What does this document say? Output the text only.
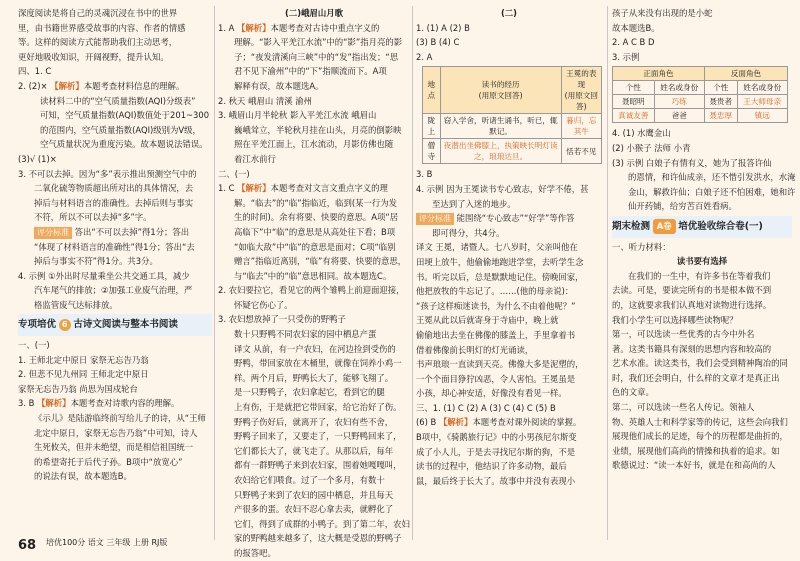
深度阅读是将自己的灵魂沉浸在书中的世界

里，由书籍世界感受故事的内容、作者的情感

等。这样的阅读方式能帮助我们主动思考，

更好地吸收知识，开阔视野，提升认知。

四、1. C

2. (2)× 【解析】本题考查材料信息的理解。

读材料二中的“空气质量指数(AQI)分级表”

可知，空气质量指数(AQI)数值处于201~300

的范围内，空气质量指数(AQI)级别为Ⅴ级，

空气质量状况为重度污染。故本题说法错误。

(3)√ (1)×

3. 不可以去掉。因为“多”表示推出预测空气中的

二氧化硫等物质超出所对出的具体情况，去

掉后与材料语言的准确性。去掉后则与事实

不符，所以不可以去掉“多”字。

评分标准 答出“不可以去掉”得1分；答出

“体现了材料语言的准确性”得1分；答出“去

掉后与事实不符”得1分。共3分。

4. 示例 ①外出时尽量乘坐公共交通工具，减少

汽车尾气的排放；②加强工业废气治理，严

格监管废气达标排放。

专项培优 6 古诗文阅读与整本书阅读

一、(一)

1. 王师北定中原日 家祭无忘告乃翁

2. 但悲不见九州同 王师北定中原日

家祭无忘告乃翁 尚思为国戍轮台

3. B 【解析】本题考查对诗歌内容的理解。

《示儿》是陆游临终前写给儿子的诗，从“王师

北定中原日，家祭无忘告乃翁”中可知，诗人

生死攸关，但并未绝望，而是相信祖国统一

的希望寄托于后代子孙。B项中“放宽心”

的说法有误，故本题选B。

(二)峨眉山月歌

1. A 【解析】本题考查对古诗中重点字义的

理解。“影入平羌江水流”中的“影”指月亮的影

子；“夜发清溪向三峡”中的“发”指出发；“思

君不见下渝州”中的“下”指顺流而下。A项

解释有误，故本题选A。

2. 秋天 峨眉山 清溪 渝州

3. 峨眉山月半轮秋 影入平羌江水流 峨眉山

巍峨耸立，半轮秋月挂在山头，月亮的倒影映

照在平羌江面上，江水流动，月影仿佛也随

着江水前行

二、(一)

1. C 【解析】本题考查对文言文重点字义的理

解。“临去”的“临”指临近，临到(某一行为发

生的时间)。余有将要、快要的意思。A项“居

高临下”中“临”的意思是从高处往下看；B项

“如临大敌”中“临”的意思是面对；C项“临别

赠言”指临近离别，“临”有将要、快要的意思，

与“临去”中的“临”意思相同。故本题选C。

2. 农妇要拉它，看见它的两个雏鸭上前迎面迎接，

怀疑它伤心了。

3. 农妇想放掉了一只受伤的野鸭子

数十只野鸭不同农妇家的园中栖息产蛋

译文 从前，有一户农妇，在河边捡到受伤的

野鸭，带回家放在木桶里，就像在饲养小鸡一

样。两个月后，野鸭长大了，能够飞翔了。

是一只野鸭子，农妇拿起它，看到它的腿

上有伤，于是就把它带回家，给它治好了伤。

野鸭子伤好后，就离开了，农妇有些不舍，

野鸭子回来了，又要走了，一只野鸭回来了，

它们都长大了，就飞走了。从那以后，每年

都有一群野鸭子来到农妇家，围着她嘎嘎叫，

农妇给它们喂食。过了一个多月，有数十

只野鸭子来到了农妇的园中栖息，并且每天

产很多的蛋。农妇不忍心拿去卖，就孵化了

它们，得到了成群的小鸭子。到了第二年，农妇

家的野鸭越来越多了，这大概是受恩的野鸭子

的报答吧。

(二)

1. (1) A (2) B

(3) B (4) C

2. A

地点	读书的经历
(用原文回答)	王冕的表现
(用原文回答)
陇上	窃入学舍，听诸生诵书，听已，辄默记。	暮归，忘其牛
僧寺	夜潜出坐佛膝上，执策映长明灯读之，琅琅达旦。	恬若不见

3. B

4. 示例 因为王冕读书专心致志，好学不倦，甚

至达到了入迷的地步。

评分标准 能围绕“专心致志”“好学”等作答

即可得分，共4分。

译文 王冕，诸暨人。七八岁时，父亲叫他在

田埂上放牛，他偷偷地跑进学堂，去听学生念

书。听完以后，总是默默地记住。傍晚回家，

他把放牧的牛忘记了。……(他的母亲说)：

“孩子这样痴迷读书，为什么不由着他呢？”

王冕从此以后就寄身于寺庙中，晚上就

偷偷地出去坐在佛像的膝盖上，手里拿着书

借着佛像前长明灯的灯光诵读，

书声琅琅一直读到天亮。佛像大多是泥塑的，

一个个面目狰狞凶恶，令人害怕。王冕虽是

小孩，却心神安适，好像没有看见一样。

三、1. (1) C (2) A (3) C (4) C (5) B

(6) B 【解析】本题考查对课外阅读的掌握。

B项中，《骑鹅旅行记》中的小男孩尼尔斯变

成了小人儿，于是去寻找尼尔斯的狗，不是

读书的过程中，他结识了许多动物，最后

鼠，最后终于长大了。故事中并没有表现小

孩子从来没有出现的是小蛇

故本题选B。

2. A C B D

3. 示例

正面角色		反面角色	
个性	姓名或身份	个性	姓名或身份
聂昭明	巧练	聂贵者	王大师母亲
真诚友善	爸爸	聂忠厚	镇远

4. (1) 水鹰金山

(2) 小猴子 法师 小青

(3) 示例 白娘子有情有义，她为了报答许仙

的恩情，和许仙成亲，还不惜引发洪水，水淹

金山，解救许仙；白娘子还不怕困难，她和许

仙开药铺，给穷苦百姓看病。

期末检测 A卷 培优验收综合卷(一)

一、听力材料：

读书要有选择

在我们的一生中，有许多书在等着我们

去读。可是，要读完所有的书是根本做不到

的，这就要求我们认真地对读物进行选择。

我们小学生可以选择哪些读物呢？

第一，可以选读一些优秀的古今中外名

著。这类书籍具有深刻的思想内容和较高的

艺术水准。读这类书，我们会受到精神陶冶的同

时，我们还会明白，什么样的文章才是真正出

色的文章。

第二，可以选读一些名人传记。领袖人

物、英雄人士和科学家等的传记，这些会向我们

展现他们成长的足迹，每个的历程都是曲折的，

业绩，展现他们高尚的情操和执着的追求。如

歌德说过：“读一本好书，就是在和高尚的人

68 培优100分 语文 三年级 上册 RJ版
